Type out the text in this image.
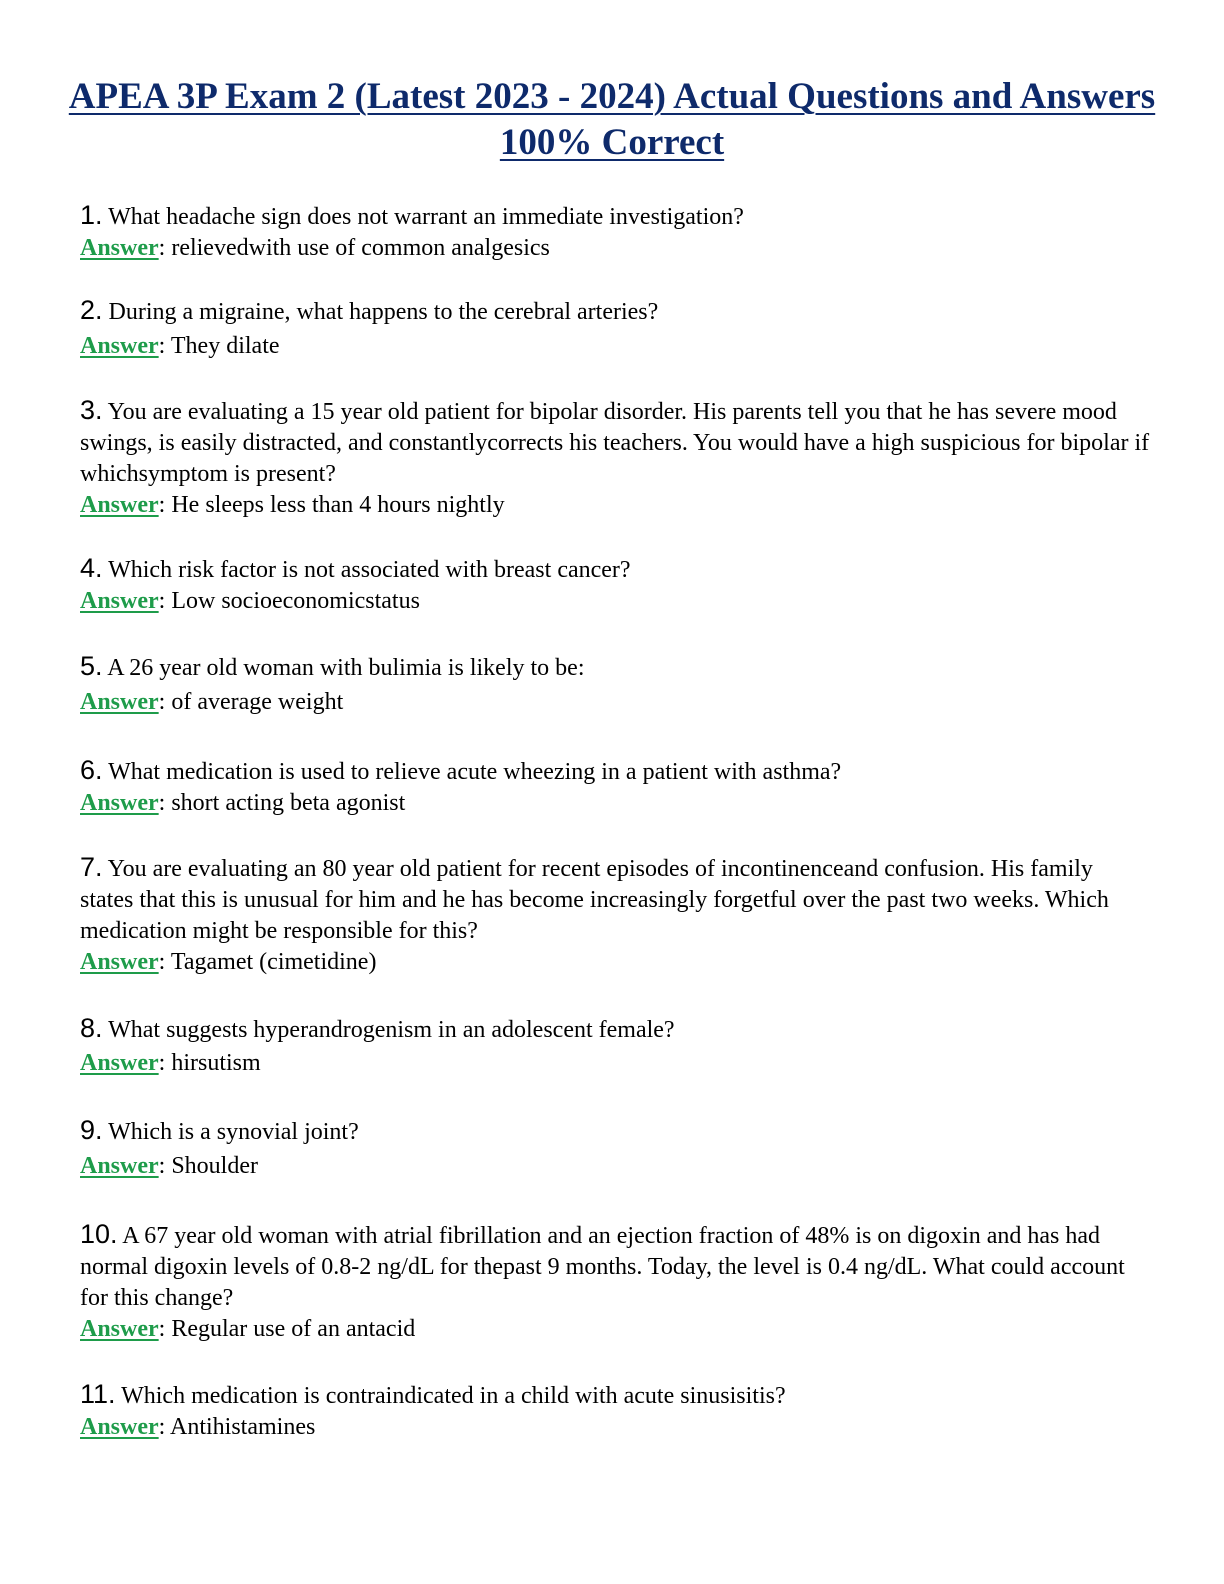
APEA 3P Exam 2 (Latest 2023 - 2024) Actual Questions and Answers 100% Correct

1. What headache sign does not warrant an immediate investigation?

Answer: relievedwith use of common analgesics

2. During a migraine, what happens to the cerebral arteries?

Answer: They dilate

3. You are evaluating a 15 year old patient for bipolar disorder. His parents tell you that he has severe mood swings, is easily distracted, and constantlycorrects his teachers. You would have a high suspicious for bipolar if whichsymptom is present?

Answer: He sleeps less than 4 hours nightly

4. Which risk factor is not associated with breast cancer?

Answer: Low socioeconomicstatus

5. A 26 year old woman with bulimia is likely to be:

Answer: of average weight

6. What medication is used to relieve acute wheezing in a patient with asthma?

Answer: short acting beta agonist

7. You are evaluating an 80 year old patient for recent episodes of incontinenceand confusion. His family states that this is unusual for him and he has become increasingly forgetful over the past two weeks. Which medication might be responsible for this?

Answer: Tagamet (cimetidine)

8. What suggests hyperandrogenism in an adolescent female?

Answer: hirsutism

9. Which is a synovial joint?

Answer: Shoulder

10. A 67 year old woman with atrial fibrillation and an ejection fraction of 48% is on digoxin and has had normal digoxin levels of 0.8-2 ng/dL for thepast 9 months. Today, the level is 0.4 ng/dL. What could account for this change?

Answer: Regular use of an antacid

11. Which medication is contraindicated in a child with acute sinusisitis?

Answer: Antihistamines
